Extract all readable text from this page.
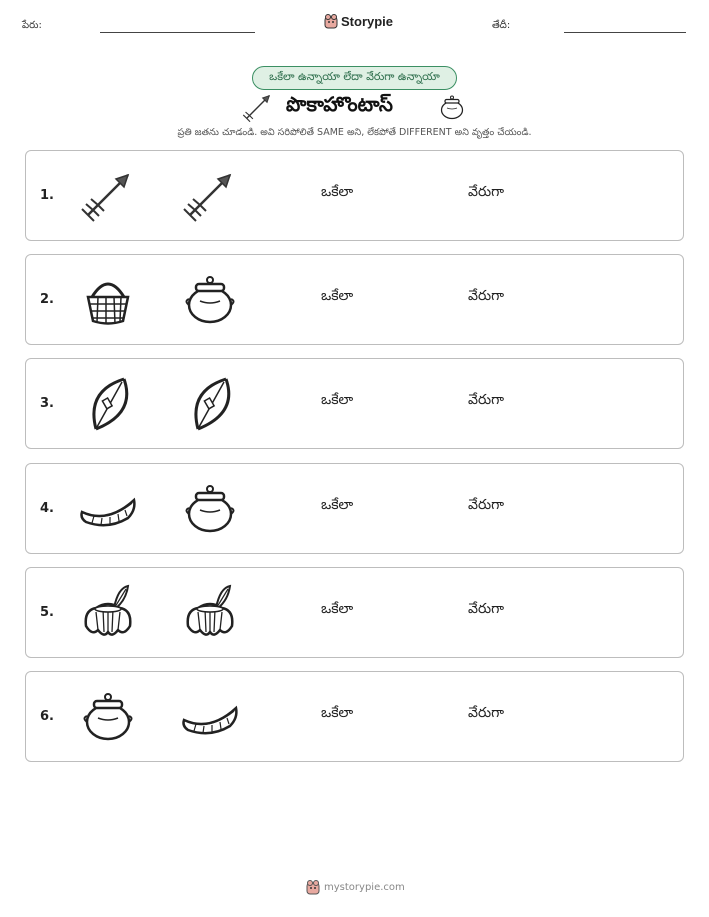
పేరు:	Storypie	తేదీ:
ఒకేలా ఉన్నాయా లేదా వేరుగా ఉన్నాయా
పొకాహొంటాస్
ప్రతి జతను చూడండి. అవి సరిపోలితే SAME అని, లేకపోతే DIFFERENT అని వృత్తం చేయండి.
1.	ఒకేలా	వేరుగా
2.	ఒకేలా	వేరుగా
3.	ఒకేలా	వేరుగా
4.	ఒకేలా	వేరుగా
5.	ఒకేలా	వేరుగా
6.	ఒకేలా	వేరుగా
mystorypie.com
